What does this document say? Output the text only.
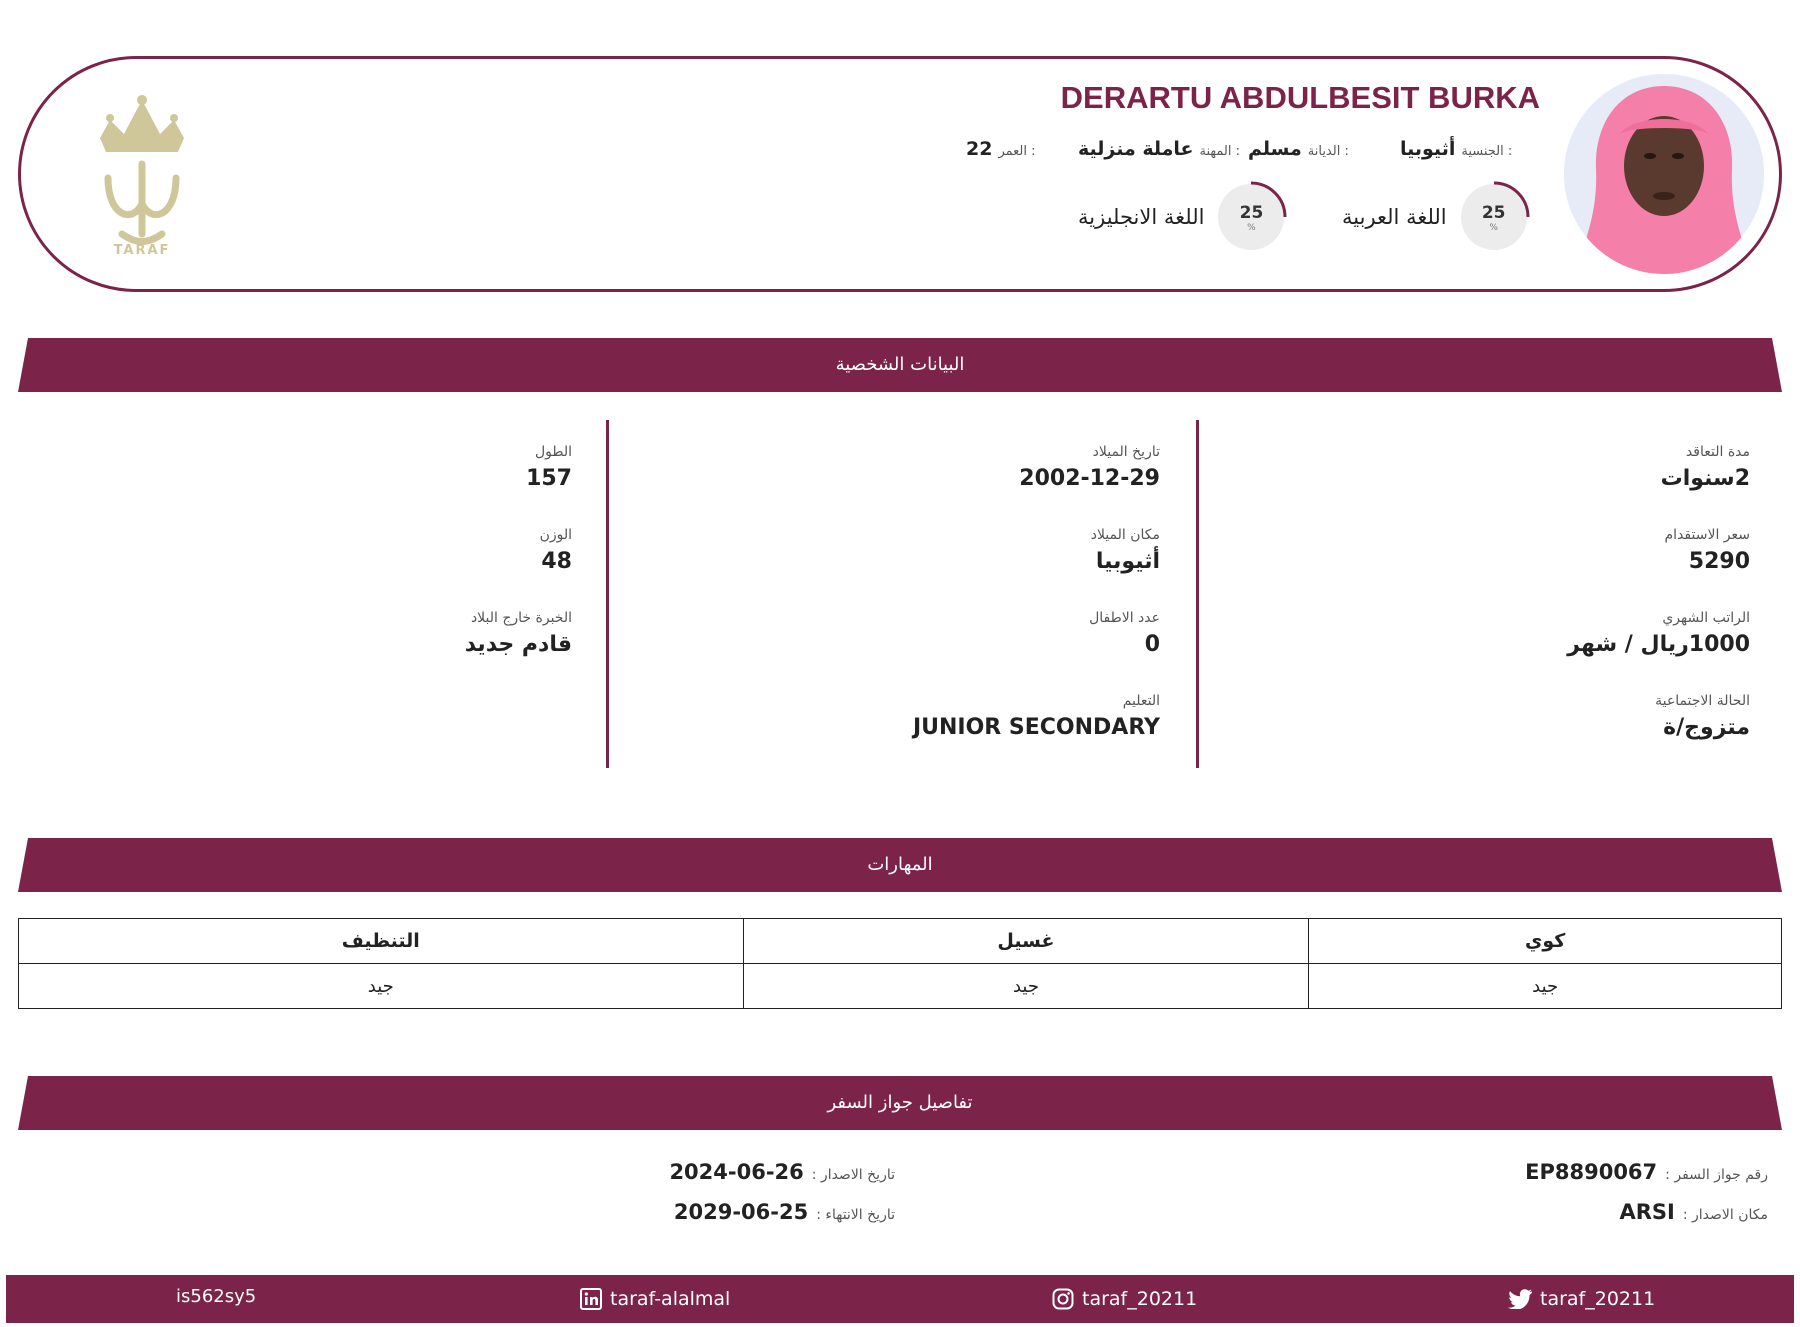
TARAF
DERARTU ABDULBESIT BURKA
أثيوبيا الجنسية :
مسلم الديانة :
عاملة منزلية المهنة :
22 العمر :
اللغة العربية	25
%
اللغة الانجليزية	25
%
البيانات الشخصية
مدة التعاقد
2سنوات
سعر الاستقدام
5290
الراتب الشهري
1000ريال / شهر
الحالة الاجتماعية
متزوج/ة
تاريخ الميلاد
2002-12-29
مكان الميلاد
أثيوبيا
عدد الاطفال
0
التعليم
JUNIOR SECONDARY
الطول
157
الوزن
48
الخبرة خارج البلاد
قادم جديد
المهارات
كوي	غسيل	التنظيف
جيد	جيد	جيد
تفاصيل جواز السفر
رقم جواز السفر :
EP8890067
مكان الاصدار :
ARSI
تاريخ الاصدار :
2024-06-26
تاريخ الانتهاء :
2029-06-25
taraf_20211
taraf_20211
taraf-alalmal
is562sy5
